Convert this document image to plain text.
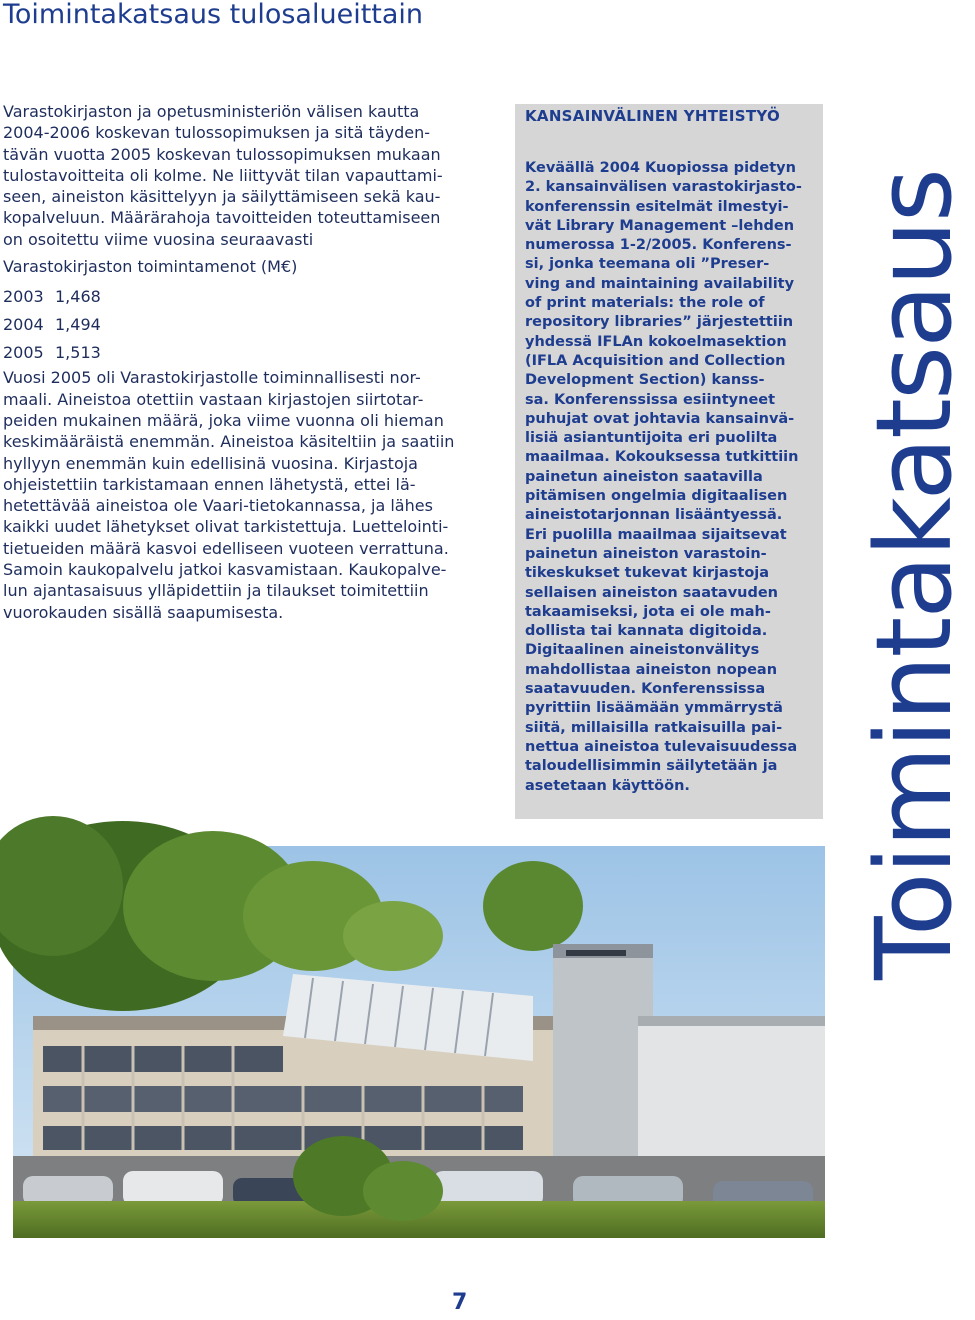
Toimintakatsaus tulosalueittain

Varastokirjaston ja opetusministeriön välisen kautta
2004-2006 koskevan tulossopimuksen ja sitä täyden-
tävän vuotta 2005 koskevan tulossopimuksen mukaan
tulostavoitteita oli kolme. Ne liittyvät tilan vapauttami-
seen, aineiston käsittelyyn ja säilyttämiseen sekä kau-
kopalveluun. Määrärahoja tavoitteiden toteuttamiseen
on osoitettu viime vuosina seuraavasti

Varastokirjaston toimintamenot (M€)
2003 1,468
2004 1,494
2005 1,513

Vuosi 2005 oli Varastokirjastolle toiminnallisesti nor-
maali. Aineistoa otettiin vastaan kirjastojen siirtotar-
peiden mukainen määrä, joka viime vuonna oli hieman
keskimääräistä enemmän. Aineistoa käsiteltiin ja saatiin
hyllyyn enemmän kuin edellisinä vuosina. Kirjastoja
ohjeistettiin tarkistamaan ennen lähetystä, ettei lä-
hetettävää aineistoa ole Vaari-tietokannassa, ja lähes
kaikki uudet lähetykset olivat tarkistettuja. Luettelointi-
tietueiden määrä kasvoi edelliseen vuoteen verrattuna.
Samoin kaukopalvelu jatkoi kasvamistaan. Kaukopalve-
lun ajantasaisuus ylläpidettiin ja tilaukset toimitettiin
vuorokauden sisällä saapumisesta.

KANSAINVÄLINEN YHTEISTYÖ
Keväällä 2004 Kuopiossa pidetyn
2. kansainvälisen varastokirjasto-
konferenssin esitelmät ilmestyi-
vät Library Management –lehden
numerossa 1-2/2005. Konferens-
si, jonka teemana oli ”Preser-
ving and maintaining availability
of print materials: the role of
repository libraries” järjestettiin
yhdessä IFLAn kokoelmasektion
(IFLA Acquisition and Collection
Development Section) kanss-
sa. Konferenssissa esiintyneet
puhujat ovat johtavia kansainvä-
lisiä asiantuntijoita eri puolilta
maailmaa. Kokouksessa tutkittiin
painetun aineiston saatavilla
pitämisen ongelmia digitaalisen
aineistotarjonnan lisääntyessä.
Eri puolilla maailmaa sijaitsevat
painetun aineiston varastoin-
tikeskukset tukevat kirjastoja
sellaisen aineiston saatavuden
takaamiseksi, jota ei ole mah-
dollista tai kannata digitoida.
Digitaalinen aineistonvälitys
mahdollistaa aineiston nopean
saatavuuden. Konferenssissa
pyrittiin lisäämään ymmärrystä
siitä, millaisilla ratkaisuilla pai-
nettua aineistoa tulevaisuudessa
taloudellisimmin säilytetään ja
asetetaan käyttöön.	Toimintakatsaus
7
